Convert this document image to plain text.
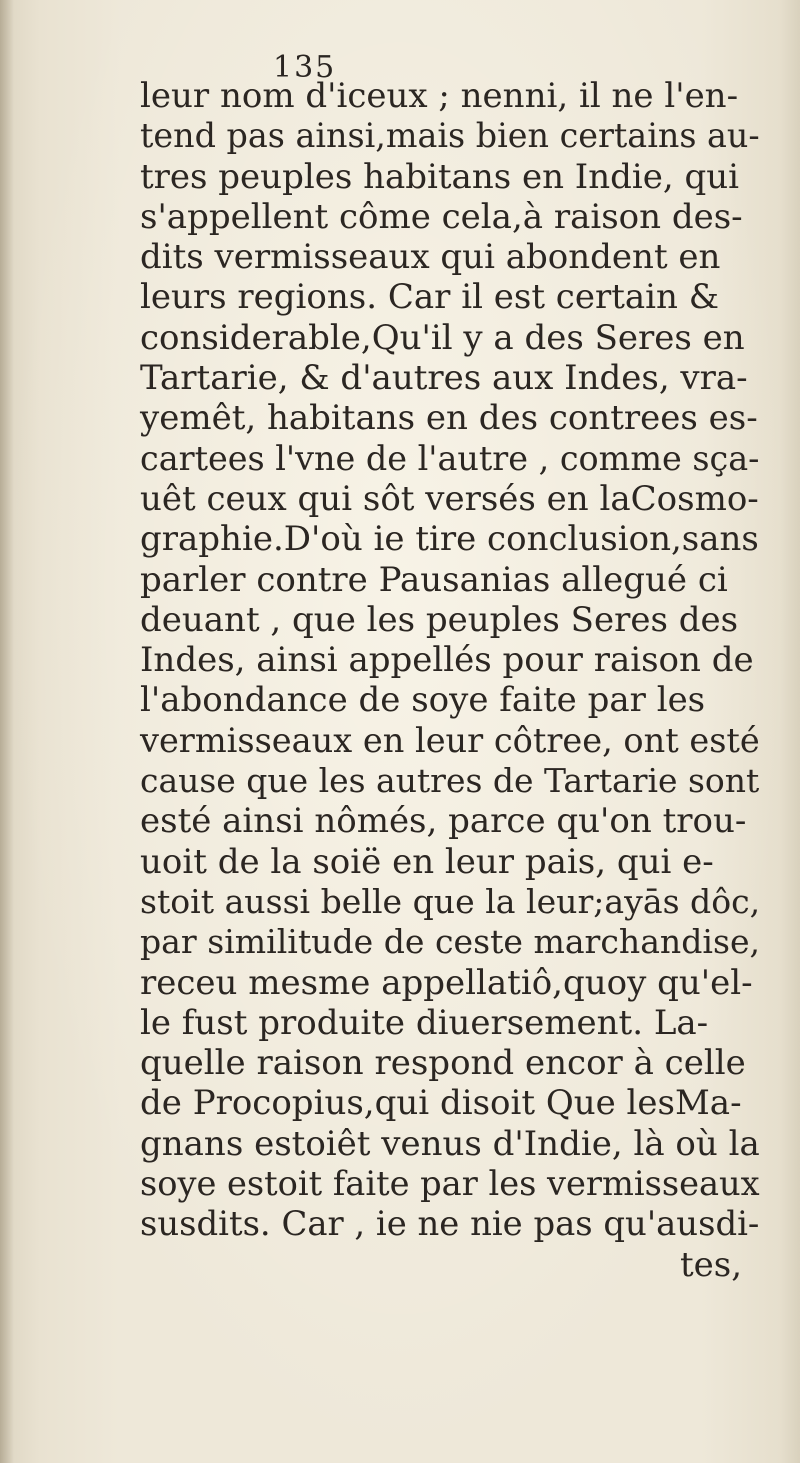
135
leur nom d'iceux ; nenni, il ne l'en-
tend pas ainsi,mais bien certains au-
tres peuples habitans en Indie, qui
s'appellent côme cela,à raison des-
dits vermisseaux qui abondent en
leurs regions. Car il est certain &
considerable,Qu'il y a des Seres en
Tartarie, & d'autres aux Indes, vra-
yemêt, habitans en des contrees es-
cartees l'vne de l'autre , comme sça-
uêt ceux qui sôt versés en laCosmo-
graphie.D'où ie tire conclusion,sans
parler contre Pausanias allegué ci
deuant , que les peuples Seres des
Indes, ainsi appellés pour raison de
l'abondance de soye faite par les
vermisseaux en leur côtree, ont esté
cause que les autres de Tartarie sont
esté ainsi nômés, parce qu'on trou-
uoit de la soië en leur pais, qui e-
stoit aussi belle que la leur;ayās dôc,
par similitude de ceste marchandise,
receu mesme appellatiô,quoy qu'el-
le fust produite diuersement. La-
quelle raison respond encor à celle
de Procopius,qui disoit Que lesMa-
gnans estoiêt venus d'Indie, là où la
soye estoit faite par les vermisseaux
susdits. Car , ie ne nie pas qu'ausdi-
tes,
